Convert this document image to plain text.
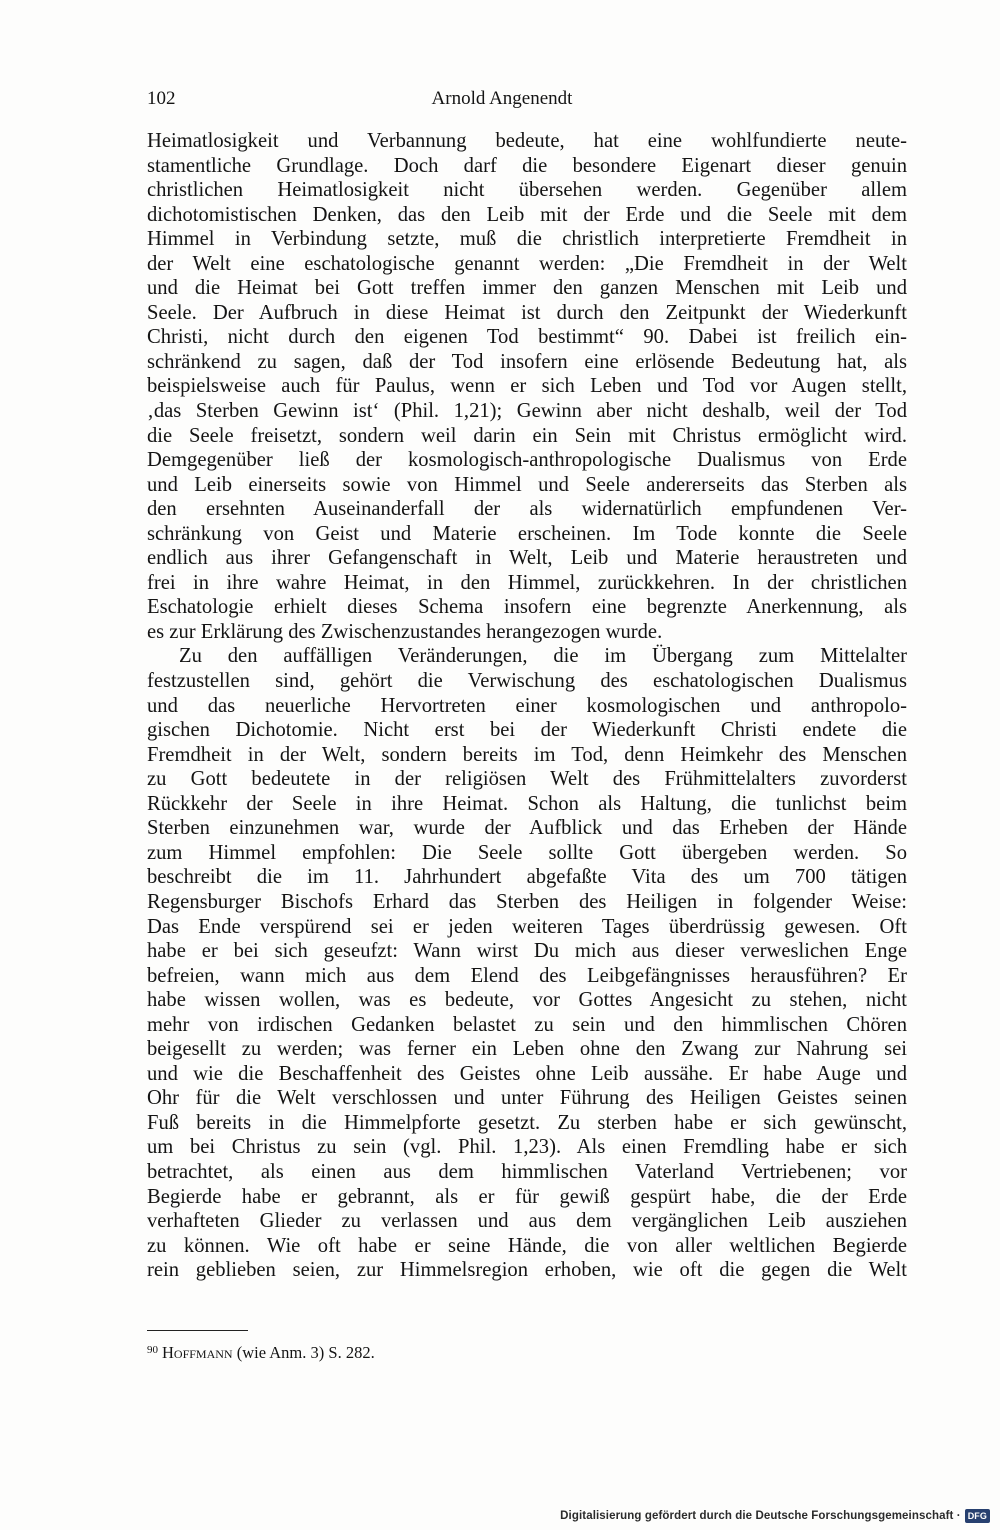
102	Arnold Angenendt
Heimatlosigkeit und Verbannung bedeute, hat eine wohlfundierte neute-
stamentliche Grundlage. Doch darf die besondere Eigenart dieser genuin
christlichen Heimatlosigkeit nicht übersehen werden. Gegenüber allem
dichotomistischen Denken, das den Leib mit der Erde und die Seele mit dem
Himmel in Verbindung setzte, muß die christlich interpretierte Fremdheit in
der Welt eine eschatologische genannt werden: „Die Fremdheit in der Welt
und die Heimat bei Gott treffen immer den ganzen Menschen mit Leib und
Seele. Der Aufbruch in diese Heimat ist durch den Zeitpunkt der Wiederkunft
Christi, nicht durch den eigenen Tod bestimmt“ 90. Dabei ist freilich ein-
schränkend zu sagen, daß der Tod insofern eine erlösende Bedeutung hat, als
beispielsweise auch für Paulus, wenn er sich Leben und Tod vor Augen stellt,
‚das Sterben Gewinn ist‘ (Phil. 1,21); Gewinn aber nicht deshalb, weil der Tod
die Seele freisetzt, sondern weil darin ein Sein mit Christus ermöglicht wird.
Demgegenüber ließ der kosmologisch-anthropologische Dualismus von Erde
und Leib einerseits sowie von Himmel und Seele andererseits das Sterben als
den ersehnten Auseinanderfall der als widernatürlich empfundenen Ver-
schränkung von Geist und Materie erscheinen. Im Tode konnte die Seele
endlich aus ihrer Gefangenschaft in Welt, Leib und Materie heraustreten und
frei in ihre wahre Heimat, in den Himmel, zurückkehren. In der christlichen
Eschatologie erhielt dieses Schema insofern eine begrenzte Anerkennung, als
es zur Erklärung des Zwischenzustandes herangezogen wurde.
Zu den auffälligen Veränderungen, die im Übergang zum Mittelalter
festzustellen sind, gehört die Verwischung des eschatologischen Dualismus
und das neuerliche Hervortreten einer kosmologischen und anthropolo-
gischen Dichotomie. Nicht erst bei der Wiederkunft Christi endete die
Fremdheit in der Welt, sondern bereits im Tod, denn Heimkehr des Menschen
zu Gott bedeutete in der religiösen Welt des Frühmittelalters zuvorderst
Rückkehr der Seele in ihre Heimat. Schon als Haltung, die tunlichst beim
Sterben einzunehmen war, wurde der Aufblick und das Erheben der Hände
zum Himmel empfohlen: Die Seele sollte Gott übergeben werden. So
beschreibt die im 11. Jahrhundert abgefaßte Vita des um 700 tätigen
Regensburger Bischofs Erhard das Sterben des Heiligen in folgender Weise:
Das Ende verspürend sei er jeden weiteren Tages überdrüssig gewesen. Oft
habe er bei sich geseufzt: Wann wirst Du mich aus dieser verweslichen Enge
befreien, wann mich aus dem Elend des Leibgefängnisses herausführen? Er
habe wissen wollen, was es bedeute, vor Gottes Angesicht zu stehen, nicht
mehr von irdischen Gedanken belastet zu sein und den himmlischen Chören
beigesellt zu werden; was ferner ein Leben ohne den Zwang zur Nahrung sei
und wie die Beschaffenheit des Geistes ohne Leib aussähe. Er habe Auge und
Ohr für die Welt verschlossen und unter Führung des Heiligen Geistes seinen
Fuß bereits in die Himmelpforte gesetzt. Zu sterben habe er sich gewünscht,
um bei Christus zu sein (vgl. Phil. 1,23). Als einen Fremdling habe er sich
betrachtet, als einen aus dem himmlischen Vaterland Vertriebenen; vor
Begierde habe er gebrannt, als er für gewiß gespürt habe, die der Erde
verhafteten Glieder zu verlassen und aus dem vergänglichen Leib ausziehen
zu können. Wie oft habe er seine Hände, die von aller weltlichen Begierde
rein geblieben seien, zur Himmelsregion erhoben, wie oft die gegen die Welt
$^{90}$ Hoffmann (wie Anm. 3) S. 282.
Digitalisierung gefördert durch die Deutsche Forschungsgemeinschaft · DFG
